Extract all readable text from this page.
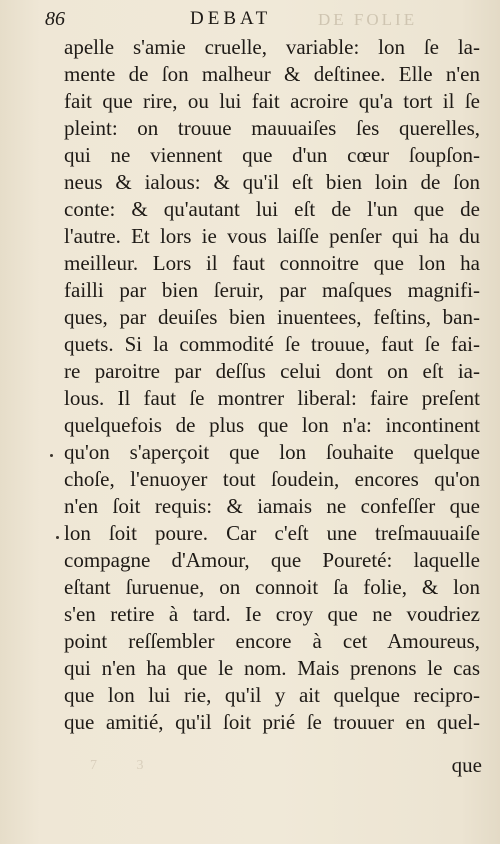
86	DEBAT	DE FOLIE
apelle s'amie cruelle, variable: lon ſe la-
mente de ſon malheur & deſtinee. Elle n'en
fait que rire, ou lui fait acroire qu'a tort il ſe
pleint: on trouue mauuaiſes ſes querelles,
qui ne viennent que d'un cœur ſoupſon-
neus & ialous: & qu'il eſt bien loin de ſon
conte: & qu'autant lui eſt de l'un que de
l'autre. Et lors ie vous laiſſe penſer qui ha du
meilleur. Lors il faut connoitre que lon ha
failli par bien ſeruir, par maſques magnifi-
ques, par deuiſes bien inuentees, feſtins, ban-
quets. Si la commodité ſe trouue, faut ſe fai-
re paroitre par deſſus celui dont on eſt ia-
lous. Il faut ſe montrer liberal: faire preſent
quelquefois de plus que lon n'a: incontinent
qu'on s'aperçoit que lon ſouhaite quelque
choſe, l'enuoyer tout ſoudein, encores qu'on
n'en ſoit requis: & iamais ne confeſſer que
lon ſoit poure. Car c'eſt une treſmauuaiſe
compagne d'Amour, que Poureté: laquelle
eſtant ſuruenue, on connoit ſa folie, & lon
s'en retire à tard. Ie croy que ne voudriez
point reſſembler encore à cet Amoureus,
qui n'en ha que le nom. Mais prenons le cas
que lon lui rie, qu'il y ait quelque recipro-
que amitié, qu'il ſoit prié ſe trouuer en quel-
que
7 3
